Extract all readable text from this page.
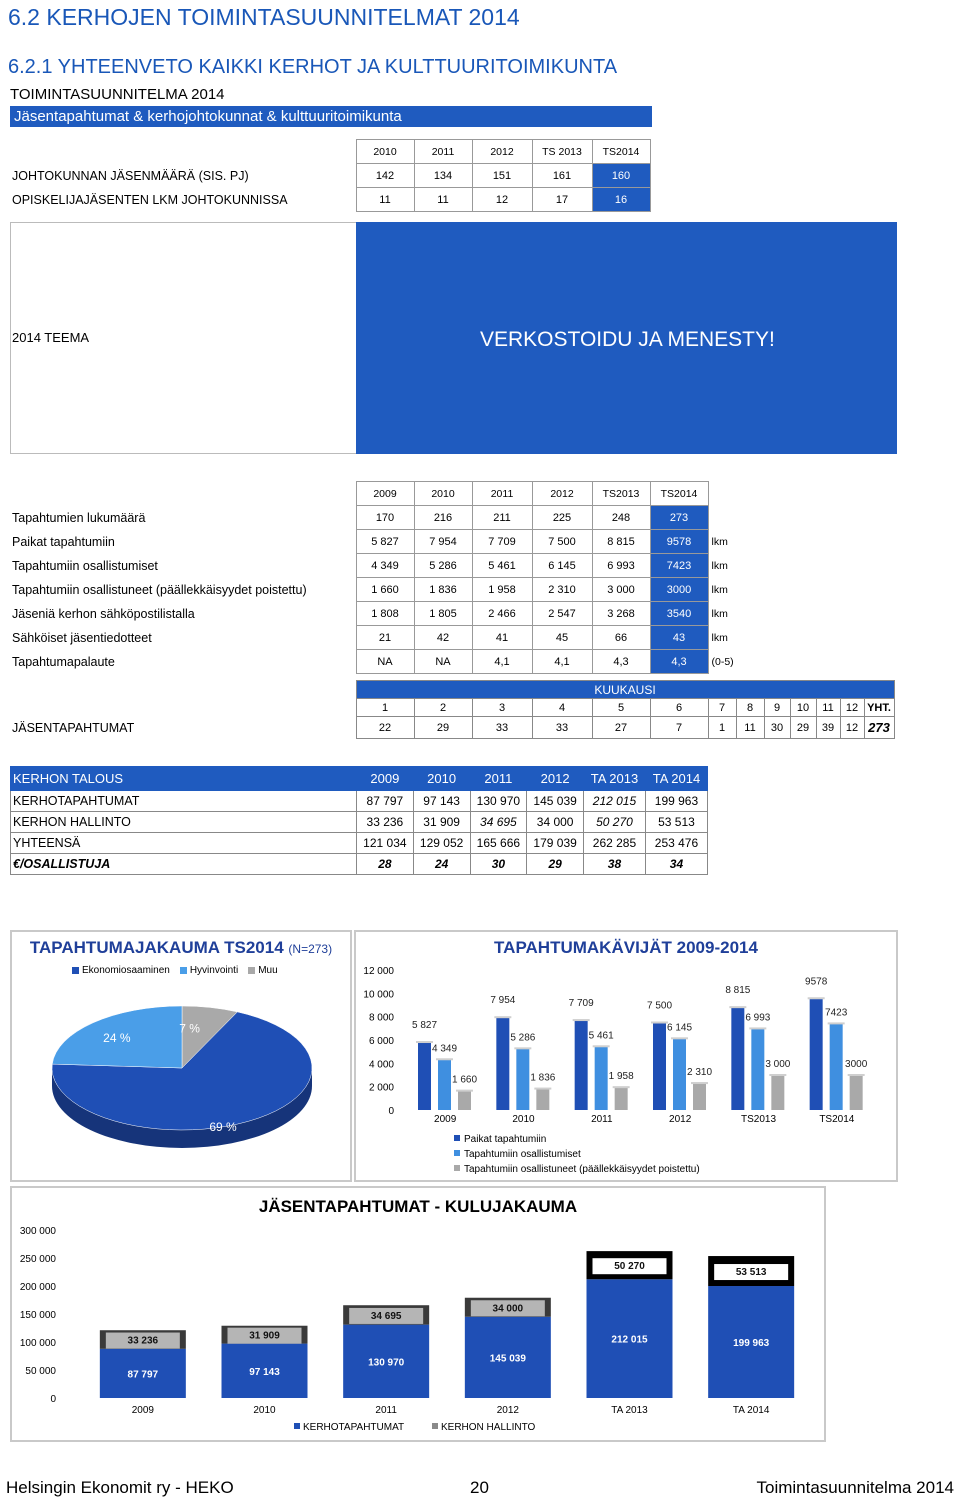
6.2 KERHOJEN TOIMINTASUUNNITELMAT 2014
6.2.1 YHTEENVETO KAIKKI KERHOT JA KULTTUURITOIMIKUNTA
TOIMINTASUUNNITELMA 2014
Jäsentapahtumat & kerhojohtokunnat & kulttuuritoimikunta
	2010	2011	2012	TS 2013	TS2014
JOHTOKUNNAN JÄSENMÄÄRÄ (SIS. PJ)	142	134	151	161	160
OPISKELIJAJÄSENTEN LKM JOHTOKUNNISSA	11	11	12	17	16
2014 TEEMA	VERKOSTOIDU JA MENESTY!
	2009	2010	2011	2012	TS2013	TS2014	
Tapahtumien lukumäärä	170	216	211	225	248	273	
Paikat tapahtumiin	5 827	7 954	7 709	7 500	8 815	9578	lkm
Tapahtumiin osallistumiset	4 349	5 286	5 461	6 145	6 993	7423	lkm
Tapahtumiin osallistuneet (päällekkäisyydet poistettu)	1 660	1 836	1 958	2 310	3 000	3000	lkm
Jäseniä kerhon sähköpostilistalla	1 808	1 805	2 466	2 547	3 268	3540	lkm
Sähköiset jäsentiedotteet	21	42	41	45	66	43	lkm
Tapahtumapalaute	NA	NA	4,1	4,1	4,3	4,3	(0-5)
	KUUKAUSI												
	1	2	3	4	5	6	7	8	9	10	11	12	YHT.
JÄSENTAPAHTUMAT	22	29	33	33	27	7	1	11	30	29	39	12	273
KERHON TALOUS	2009	2010	2011	2012	TA 2013	TA 2014
KERHOTAPAHTUMAT	87 797	97 143	130 970	145 039	212 015	199 963
KERHON HALLINTO	33 236	31 909	34 695	34 000	50 270	53 513
YHTEENSÄ	121 034	129 052	165 666	179 039	262 285	253 476
€/OSALLISTUJA	28	24	30	29	38	34
TAPAHTUMAJAKAUMA TS2014 (N=273)
Ekonomiosaaminen Hyvinvointi Muu
69 %
24 %
7 %
TAPAHTUMAKÄVIJÄT 2009-2014
0
2 000
4 000
6 000
8 000
10 000
12 000
2009
5 827
4 349
1 660
2010
7 954
5 286
1 836
2011
7 709
5 461
1 958
2012
7 500
6 145
2 310
TS2013
8 815
6 993
3 000
TS2014
9578
7423
3000
Paikat tapahtumiin
Tapahtumiin osallistumiset
Tapahtumiin osallistuneet (päällekkäisyydet poistettu)
JÄSENTAPAHTUMAT - KULUJAKAUMA
0
50 000
100 000
150 000
200 000
250 000
300 000
2009
87 797
33 236
2010
97 143
31 909
2011
130 970
34 695
2012
145 039
34 000
TA 2013
212 015
50 270
TA 2014
199 963
53 513
KERHOTAPAHTUMAT	KERHON HALLINTO
Helsingin Ekonomit ry - HEKO	20	Toimintasuunnitelma 2014
